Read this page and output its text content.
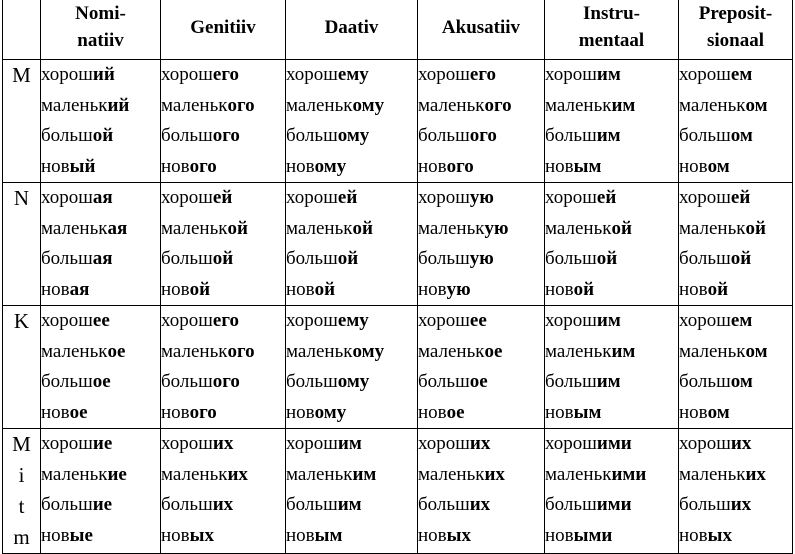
	Nomi-
natiiv	Genitiiv	Daativ	Akusatiiv	Instru-
mentaal	Preposit-
sionaal

M	хороший
маленький
большой
новый	хорошего
маленького
большого
нового	хорошему
маленькому
большому
новому	хорошего
маленького
большого
нового	хорошим
маленьким
большим
новым	хорошем
маленьком
большом
новом

N	хорошая
маленькая
большая
новая	хорошей
маленькой
большой
новой	хорошей
маленькой
большой
новой	хорошую
маленькую
большую
новую	хорошей
маленькой
большой
новой	хорошей
маленькой
большой
новой

K	хорошее
маленькое
большое
новое	хорошего
маленького
большого
нового	хорошему
маленькому
большому
новому	хорошее
маленькое
большое
новое	хорошим
маленьким
большим
новым	хорошем
маленьком
большом
новом

M
i
t
m	хорошие
маленькие
большие
новые	хороших
маленьких
больших
новых	хорошим
маленьким
большим
новым	хороших
маленьких
больших
новых	хорошими
маленькими
большими
новыми	хороших
маленьких
больших
новых
